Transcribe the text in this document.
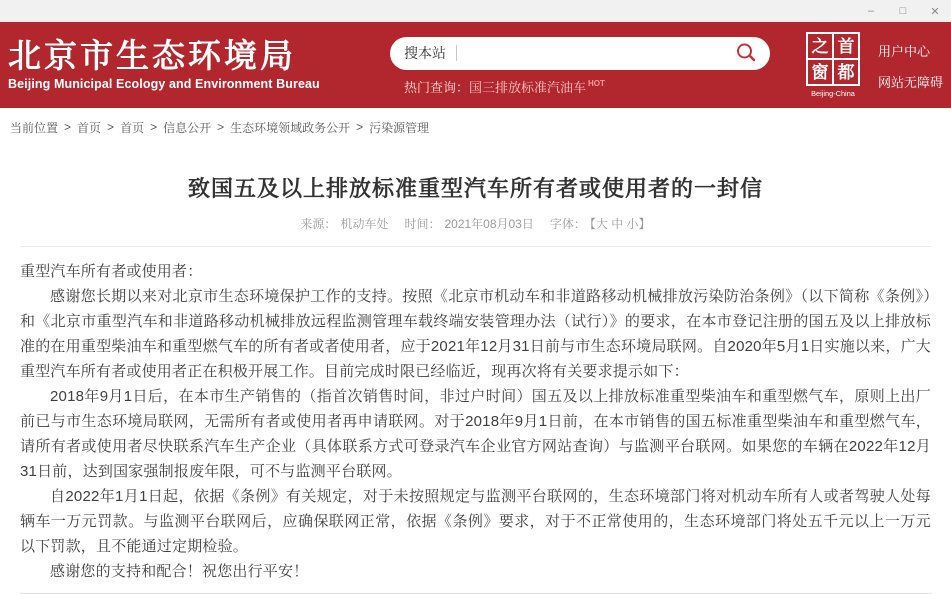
–	□	✕
北京市生态环境局
Beijing Municipal Ecology and Environment Bureau
搜本站
热门查询：国三排放标准汽油车 $^{HOT}$
之 首
窗 都
Beijing-China
用户中心
网站无障碍
当前位置 > 首页 > 首页 > 信息公开 > 生态环境领域政务公开 > 污染源管理
致国五及以上排放标准重型汽车所有者或使用者的一封信
来源： 机动车处 时间： 2021年08月03日 字体： 【大 中 小】

重型汽车所有者或使用者：

感谢您长期以来对北京市生态环境保护工作的支持。按照《北京市机动车和非道路移动机械排放污染防治条例》（以下简称《条例》）和《北京市重型汽车和非道路移动机械排放远程监测管理车载终端安装管理办法（试行）》的要求，在本市登记注册的国五及以上排放标准的在用重型柴油车和重型燃气车的所有者或者使用者，应于2021年12月31日前与市生态环境局联网。自2020年5月1日实施以来，广大重型汽车所有者或使用者正在积极开展工作。目前完成时限已经临近，现再次将有关要求提示如下：

2018年9月1日后，在本市生产销售的（指首次销售时间，非过户时间）国五及以上排放标准重型柴油车和重型燃气车，原则上出厂前已与市生态环境局联网，无需所有者或使用者再申请联网。对于2018年9月1日前，在本市销售的国五标准重型柴油车和重型燃气车，请所有者或使用者尽快联系汽车生产企业（具体联系方式可登录汽车企业官方网站查询）与监测平台联网。如果您的车辆在2022年12月31日前，达到国家强制报废年限，可不与监测平台联网。

自2022年1月1日起，依据《条例》有关规定，对于未按照规定与监测平台联网的，生态环境部门将对机动车所有人或者驾驶人处每辆车一万元罚款。与监测平台联网后，应确保联网正常，依据《条例》要求，对于不正常使用的，生态环境部门将处五千元以上一万元以下罚款，且不能通过定期检验。

感谢您的支持和配合！祝您出行平安！
